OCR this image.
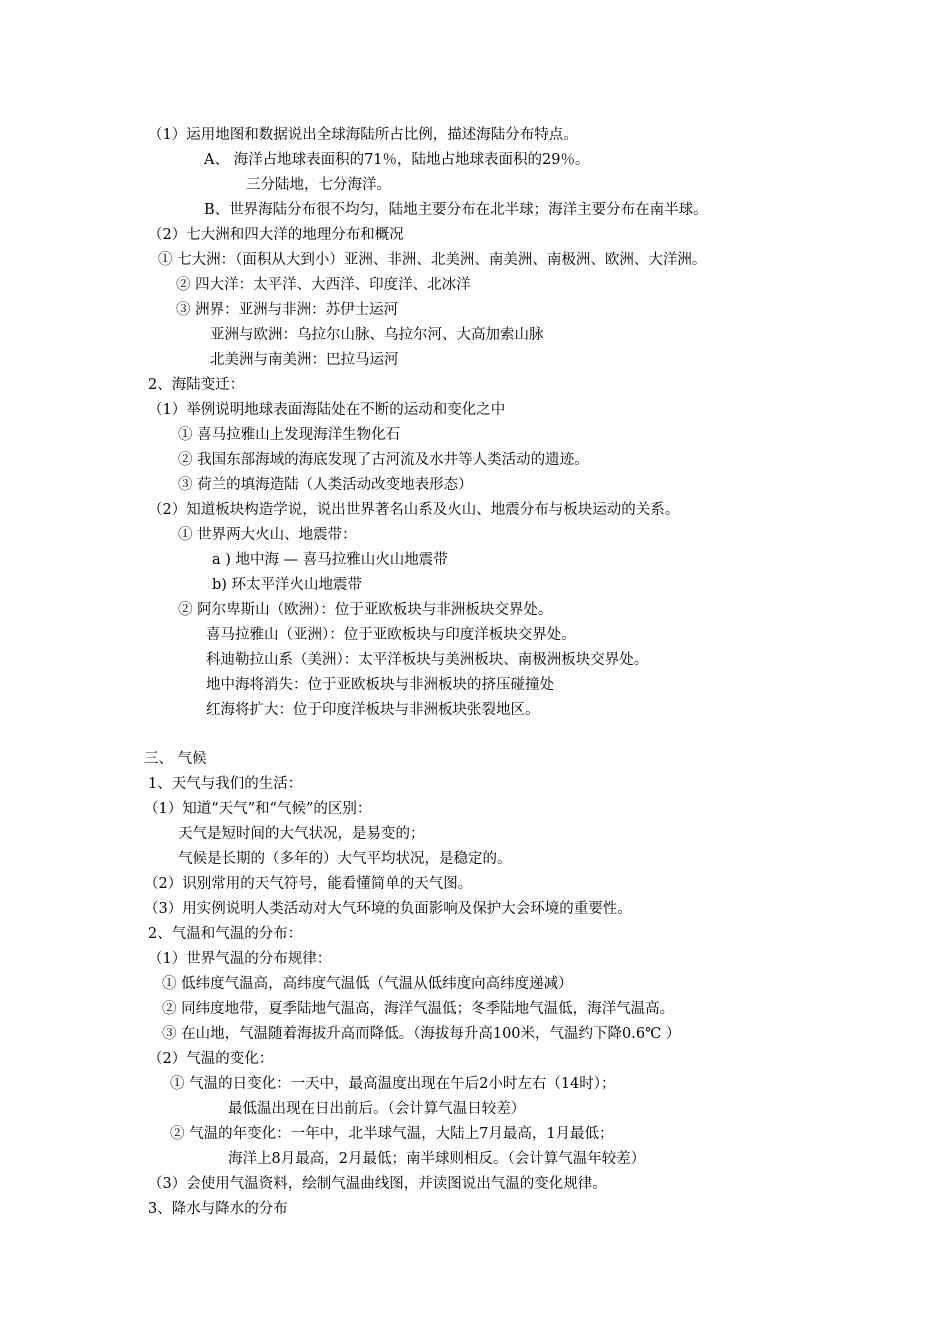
（1）运用地图和数据说出全球海陆所占比例，描述海陆分布特点。
A、 海洋占地球表面积的71％，陆地占地球表面积的29％。
三分陆地，七分海洋。
B、世界海陆分布很不均匀，陆地主要分布在北半球；海洋主要分布在南半球。
（2）七大洲和四大洋的地理分布和概况
① 七大洲：（面积从大到小）亚洲、非洲、北美洲、南美洲、南极洲、欧洲、大洋洲。
② 四大洋：太平洋、大西洋、印度洋、北冰洋
③ 洲界：亚洲与非洲：苏伊士运河
亚洲与欧洲：乌拉尔山脉、乌拉尔河、大高加索山脉
北美洲与南美洲：巴拉马运河
2、海陆变迁：
（1）举例说明地球表面海陆处在不断的运动和变化之中
① 喜马拉雅山上发现海洋生物化石
② 我国东部海域的海底发现了古河流及水井等人类活动的遗迹。
③ 荷兰的填海造陆（人类活动改变地表形态）
（2）知道板块构造学说，说出世界著名山系及火山、地震分布与板块运动的关系。
① 世界两大火山、地震带：
a ) 地中海 — 喜马拉雅山火山地震带
b) 环太平洋火山地震带
② 阿尔卑斯山（欧洲）：位于亚欧板块与非洲板块交界处。
喜马拉雅山（亚洲）：位于亚欧板块与印度洋板块交界处。
科迪勒拉山系（美洲）：太平洋板块与美洲板块、南极洲板块交界处。
地中海将消失：位于亚欧板块与非洲板块的挤压碰撞处
红海将扩大：位于印度洋板块与非洲板块张裂地区。
三、 气候
1、天气与我们的生活：
（1）知道“天气”和“气候”的区别：
天气是短时间的大气状况，是易变的；
气候是长期的（多年的）大气平均状况，是稳定的。
（2）识别常用的天气符号，能看懂简单的天气图。
（3）用实例说明人类活动对大气环境的负面影响及保护大会环境的重要性。
2、气温和气温的分布：
（1）世界气温的分布规律：
① 低纬度气温高，高纬度气温低（气温从低纬度向高纬度递减）
② 同纬度地带，夏季陆地气温高，海洋气温低；冬季陆地气温低，海洋气温高。
③ 在山地，气温随着海拔升高而降低。（海拔每升高100米，气温约下降0.6℃ ）
（2）气温的变化：
① 气温的日变化：一天中，最高温度出现在午后2小时左右（14时）；
最低温出现在日出前后。（会计算气温日较差）
② 气温的年变化：一年中，北半球气温，大陆上7月最高，1月最低；
海洋上8月最高，2月最低；南半球则相反。（会计算气温年较差）
（3）会使用气温资料，绘制气温曲线图，并读图说出气温的变化规律。
3、降水与降水的分布
